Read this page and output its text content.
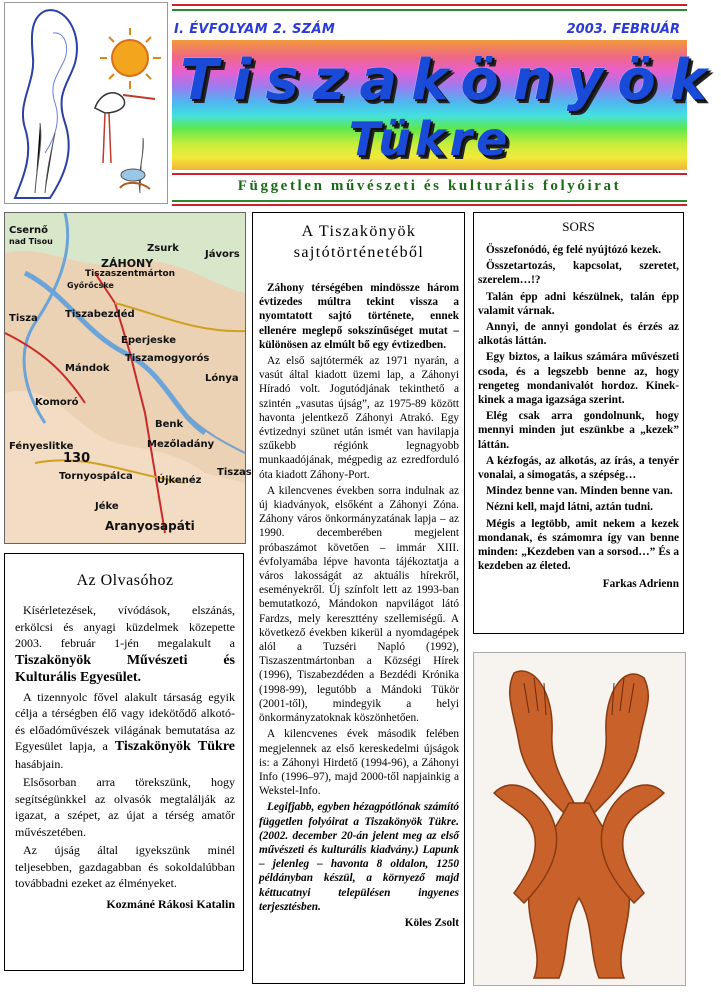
I. ÉVFOLYAM 2. SZÁM	2003. FEBRUÁR
Tiszakönyök
Tükre
Független művészeti és kulturális folyóirat
Csernő
nad Tisou
Zsurk
Jávors
ZÁHONY
Tiszaszentmárton
Győrőcske
Tisza	Tiszabezdéd
Eperjeske
Tiszamogyorós
Lónya
Mándok
Komoró
Benk
Fényeslitke	Mezőladány
130
Tornyospálca Újkenéz
Tiszas
Jéke
Aranyosapáti
Az Olvasóhoz

Kísérletezések, vívódások, elszánás, erkölcsi és anyagi küzdelmek közepette 2003. február 1-jén megalakult a Tiszakönyök Művészeti és Kulturális Egyesület.

A tizennyolc fővel alakult társaság egyik célja a térségben élő vagy idekötődő alkotó- és előadóművészek világának bemutatása az Egyesület lapja, a Tiszakönyök Tükre hasábjain.

Elsősorban arra törekszünk, hogy segítségünkkel az olvasók megtalálják az igazat, a szépet, az újat a térség amatőr művészetében.

Az újság által igyekszünk minél teljesebben, gazdagabban és sokoldalúbban továbbadni ezeket az élményeket.

Kozmáné Rákosi Katalin
A Tiszakönyök sajtótörténetéből

Záhony térségében mindössze három évtizedes múltra tekint vissza a nyomtatott sajtó története, ennek ellenére meglepő sokszínűséget mutat – különösen az elmúlt bő egy évtizedben.

Az első sajtótermék az 1971 nyarán, a vasút által kiadott üzemi lap, a Záhonyi Híradó volt. Jogutódjának tekinthető a szintén „vasutas újság”, az 1975-89 között havonta jelentkező Záhonyi Atrakó. Egy évtizednyi szünet után ismét van havilapja szűkebb régiónk legnagyobb munkaadójának, mégpedig az ezredforduló óta kiadott Záhony-Port.

A kilencvenes években sorra indulnak az új kiadványok, elsőként a Záhonyi Zóna. Záhony város önkormányzatának lapja – az 1990. decemberében megjelent próbaszámot követően – immár XIII. évfolyamába lépve havonta tájékoztatja a város lakosságát az aktuális hírekről, eseményekről. Új színfolt lett az 1993-ban bemutatkozó, Mándokon napvilágot látó Fardzs, mely kereszttény szellemiségű. A következő években kikerül a nyomdagépek alól a Tuzséri Napló (1992), Tiszaszentmártonban a Községi Hírek (1996), Tiszabezdéden a Bezdédi Krónika (1998-99), legutóbb a Mándoki Tükör (2001-től), mindegyik a helyi önkormányzatoknak köszönhetően.

A kilencvenes évek második felében megjelennek az első kereskedelmi újságok is: a Záhonyi Hirdető (1994-96), a Záhonyi Info (1996–97), majd 2000-től napjainkig a Wekstel-Info.

Legifjabb, egyben hézagpótlónak számító független folyóirat a Tiszakönyök Tükre. (2002. december 20-án jelent meg az első művészeti és kulturális kiadvány.) Lapunk – jelenleg – havonta 8 oldalon, 1250 példányban készül, a környező majd kéttucatnyi településen ingyenes terjesztésben.

Köles Zsolt
SORS

Összefonódó, ég felé nyújtózó kezek.

Összetartozás, kapcsolat, szeretet, szerelem…!?

Talán épp adni készülnek, talán épp valamit várnak.

Annyi, de annyi gondolat és érzés az alkotás láttán.

Egy biztos, a laikus számára művészeti csoda, és a legszebb benne az, hogy rengeteg mondanivalót hordoz. Kinek-kinek a maga igazsága szerint.

Elég csak arra gondolnunk, hogy mennyi minden jut eszünkbe a „kezek” láttán.

A kézfogás, az alkotás, az írás, a tenyér vonalai, a simogatás, a szépség…

Mindez benne van. Minden benne van.

Nézni kell, majd látni, aztán tudni.

Mégis a legtöbb, amit nekem a kezek mondanak, és számomra így van benne minden: „Kezdeben van a sorsod…” És a kezdeben az életed.

Farkas Adrienn
